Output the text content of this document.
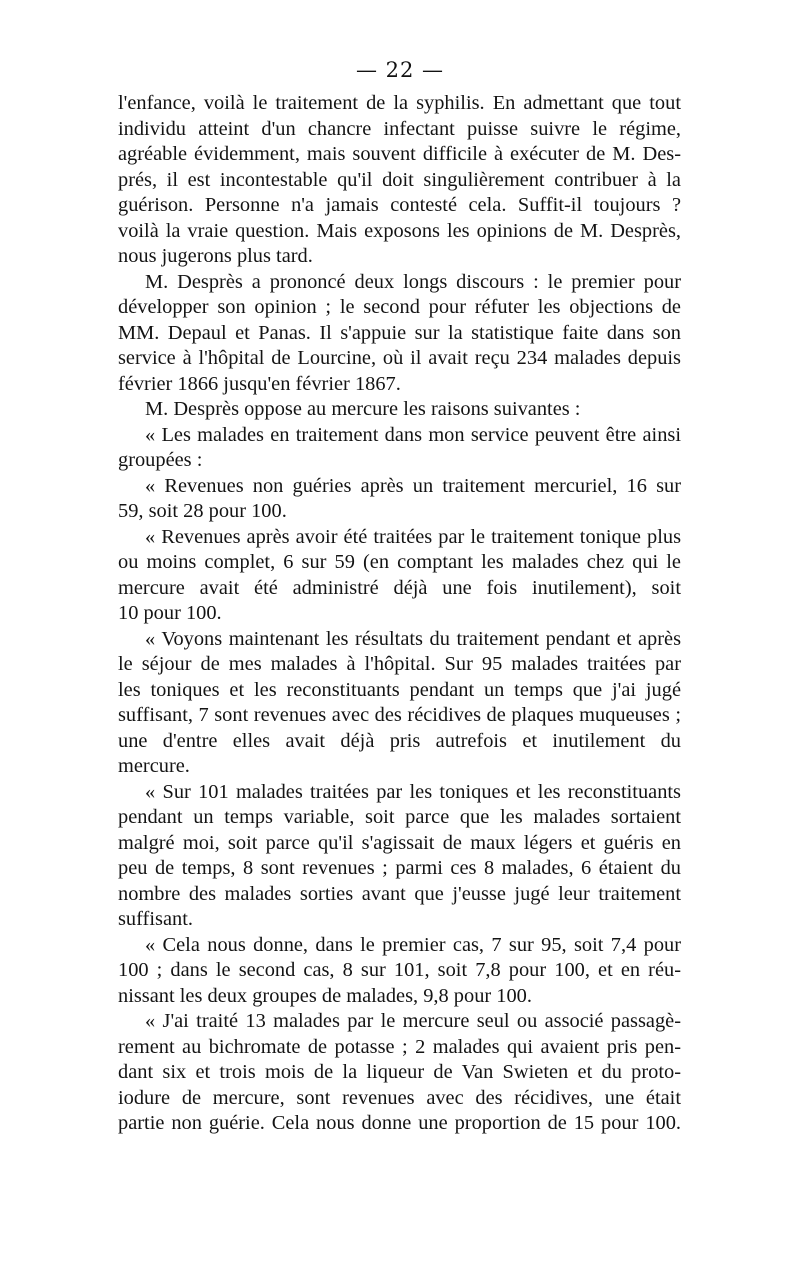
— 22 —
l'enfance, voilà le traitement de la syphilis. En admettant que tout
individu atteint d'un chancre infectant puisse suivre le régime,
agréable évidemment, mais souvent difficile à exécuter de M. Des-
prés, il est incontestable qu'il doit singulièrement contribuer à la
guérison. Personne n'a jamais contesté cela. Suffit-il toujours ?
voilà la vraie question. Mais exposons les opinions de M. Desprès,
nous jugerons plus tard.
M. Desprès a prononcé deux longs discours : le premier pour
développer son opinion ; le second pour réfuter les objections de
MM. Depaul et Panas. Il s'appuie sur la statistique faite dans son
service à l'hôpital de Lourcine, où il avait reçu 234 malades depuis
février 1866 jusqu'en février 1867.
M. Desprès oppose au mercure les raisons suivantes :
« Les malades en traitement dans mon service peuvent être ainsi
groupées :
« Revenues non guéries après un traitement mercuriel, 16 sur
59, soit 28 pour 100.
« Revenues après avoir été traitées par le traitement tonique plus
ou moins complet, 6 sur 59 (en comptant les malades chez qui le
mercure avait été administré déjà une fois inutilement), soit
10 pour 100.
« Voyons maintenant les résultats du traitement pendant et après
le séjour de mes malades à l'hôpital. Sur 95 malades traitées par
les toniques et les reconstituants pendant un temps que j'ai jugé
suffisant, 7 sont revenues avec des récidives de plaques muqueuses ;
une d'entre elles avait déjà pris autrefois et inutilement du
mercure.
« Sur 101 malades traitées par les toniques et les reconstituants
pendant un temps variable, soit parce que les malades sortaient
malgré moi, soit parce qu'il s'agissait de maux légers et guéris en
peu de temps, 8 sont revenues ; parmi ces 8 malades, 6 étaient du
nombre des malades sorties avant que j'eusse jugé leur traitement
suffisant.
« Cela nous donne, dans le premier cas, 7 sur 95, soit 7,4 pour
100 ; dans le second cas, 8 sur 101, soit 7,8 pour 100, et en réu-
nissant les deux groupes de malades, 9,8 pour 100.
« J'ai traité 13 malades par le mercure seul ou associé passagè-
rement au bichromate de potasse ; 2 malades qui avaient pris pen-
dant six et trois mois de la liqueur de Van Swieten et du proto-
iodure de mercure, sont revenues avec des récidives, une était
partie non guérie. Cela nous donne une proportion de 15 pour 100.
